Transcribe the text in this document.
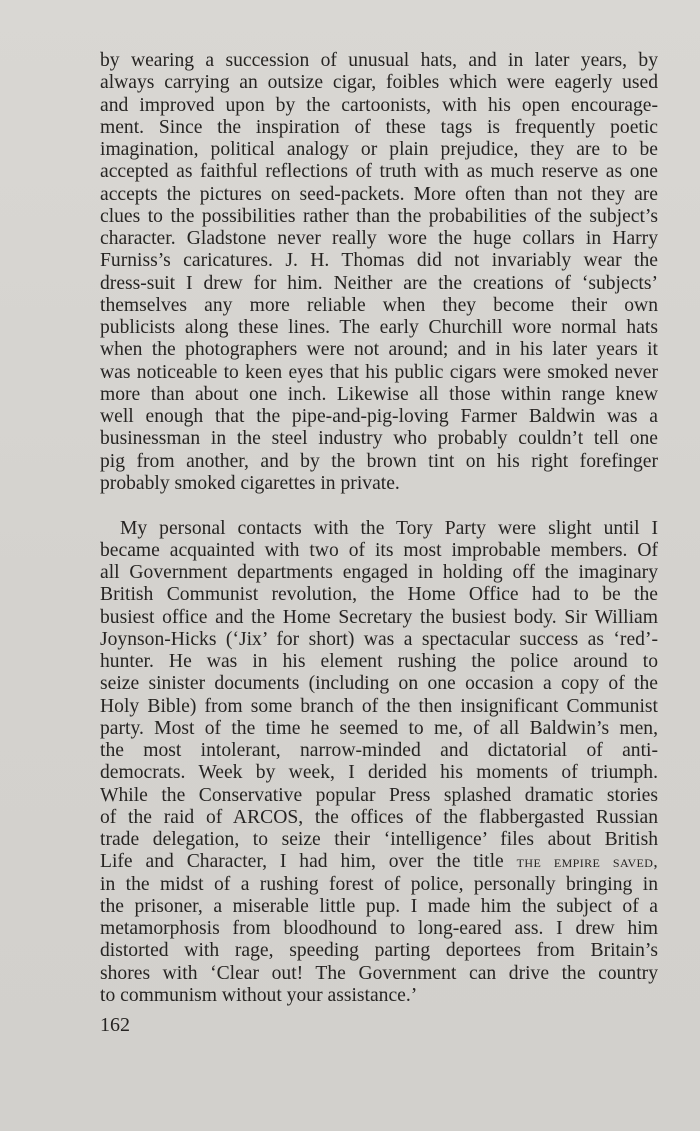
by wearing a succession of unusual hats, and in later years, by
always carrying an outsize cigar, foibles which were eagerly used
and improved upon by the cartoonists, with his open encourage-
ment. Since the inspiration of these tags is frequently poetic
imagination, political analogy or plain prejudice, they are to be
accepted as faithful reflections of truth with as much reserve as one
accepts the pictures on seed-packets. More often than not they are
clues to the possibilities rather than the probabilities of the subject’s
character. Gladstone never really wore the huge collars in Harry
Furniss’s caricatures. J. H. Thomas did not invariably wear the
dress-suit I drew for him. Neither are the creations of ‘subjects’
themselves any more reliable when they become their own
publicists along these lines. The early Churchill wore normal hats
when the photographers were not around; and in his later years it
was noticeable to keen eyes that his public cigars were smoked never
more than about one inch. Likewise all those within range knew
well enough that the pipe-and-pig-loving Farmer Baldwin was a
businessman in the steel industry who probably couldn’t tell one
pig from another, and by the brown tint on his right forefinger
probably smoked cigarettes in private.
My personal contacts with the Tory Party were slight until I
became acquainted with two of its most improbable members. Of
all Government departments engaged in holding off the imaginary
British Communist revolution, the Home Office had to be the
busiest office and the Home Secretary the busiest body. Sir William
Joynson-Hicks (‘Jix’ for short) was a spectacular success as ‘red’-
hunter. He was in his element rushing the police around to
seize sinister documents (including on one occasion a copy of the
Holy Bible) from some branch of the then insignificant Communist
party. Most of the time he seemed to me, of all Baldwin’s men,
the most intolerant, narrow-minded and dictatorial of anti-
democrats. Week by week, I derided his moments of triumph.
While the Conservative popular Press splashed dramatic stories
of the raid of ARCOS, the offices of the flabbergasted Russian
trade delegation, to seize their ‘intelligence’ files about British
Life and Character, I had him, over the title the empire saved,
in the midst of a rushing forest of police, personally bringing in
the prisoner, a miserable little pup. I made him the subject of a
metamorphosis from bloodhound to long-eared ass. I drew him
distorted with rage, speeding parting deportees from Britain’s
shores with ‘Clear out! The Government can drive the country
to communism without your assistance.’
162
